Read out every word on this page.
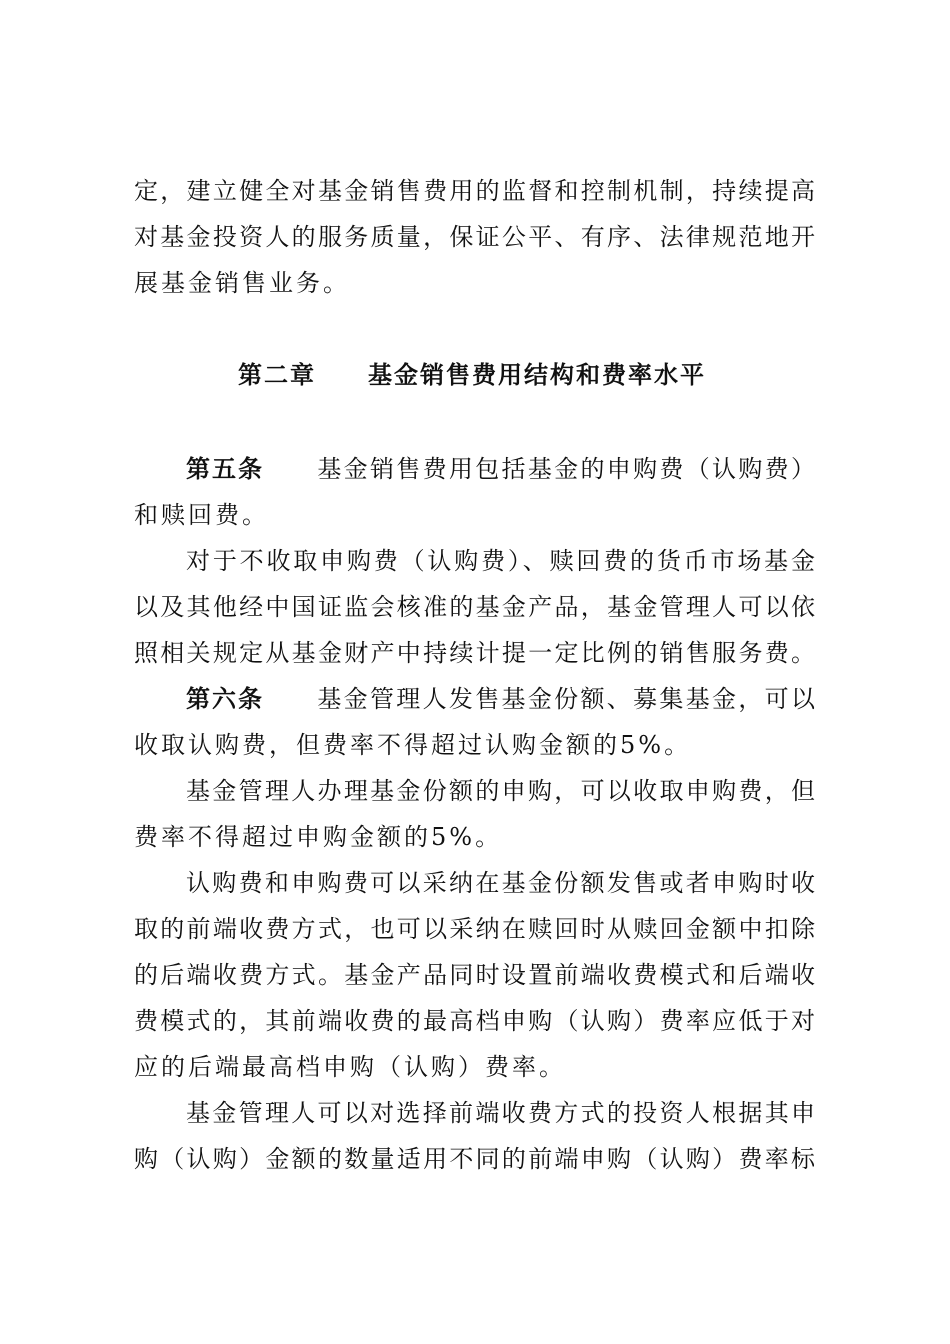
定，建立健全对基金销售费用的监督和控制机制，持续提高
对基金投资人的服务质量，保证公平、有序、法律规范地开
展基金销售业务。
第二章 基金销售费用结构和费率水平
第五条 基金销售费用包括基金的申购费（认购费）
和赎回费。
对于不收取申购费（认购费）、赎回费的货币市场基金
以及其他经中国证监会核准的基金产品，基金管理人可以依
照相关规定从基金财产中持续计提一定比例的销售服务费。
第六条 基金管理人发售基金份额、募集基金，可以
收取认购费，但费率不得超过认购金额的5%。
基金管理人办理基金份额的申购，可以收取申购费，但
费率不得超过申购金额的5%。
认购费和申购费可以采纳在基金份额发售或者申购时收
取的前端收费方式，也可以采纳在赎回时从赎回金额中扣除
的后端收费方式。基金产品同时设置前端收费模式和后端收
费模式的，其前端收费的最高档申购（认购）费率应低于对
应的后端最高档申购（认购）费率。
基金管理人可以对选择前端收费方式的投资人根据其申
购（认购）金额的数量适用不同的前端申购（认购）费率标
